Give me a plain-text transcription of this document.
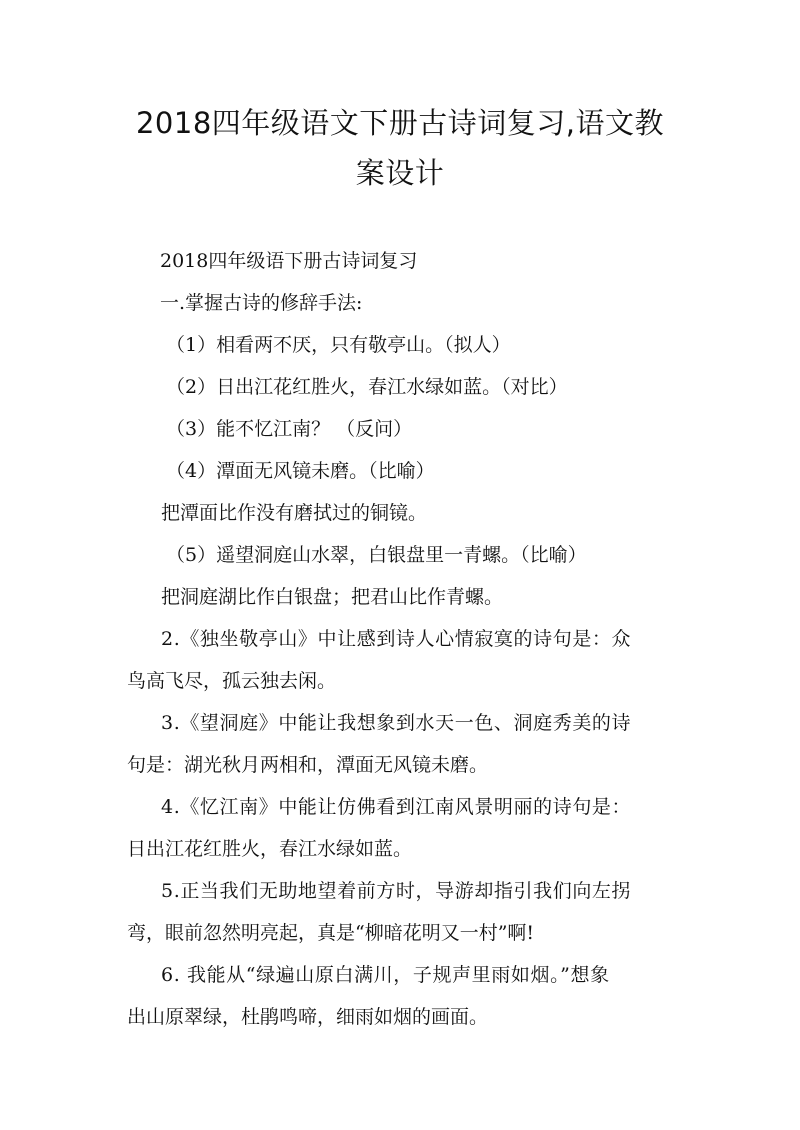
2018四年级语文下册古诗词复习,语文教
案设计
2018四年级语下册古诗词复习
一.掌握古诗的修辞手法:
（1）相看两不厌，只有敬亭山。（拟人）
（2）日出江花红胜火，春江水绿如蓝。（对比）
（3）能不忆江南？ （反问）
（4）潭面无风镜未磨。（比喻）
把潭面比作没有磨拭过的铜镜。
（5）遥望洞庭山水翠，白银盘里一青螺。（比喻）
把洞庭湖比作白银盘；把君山比作青螺。
2.《独坐敬亭山》中让感到诗人心情寂寞的诗句是：众
鸟高飞尽，孤云独去闲。
3.《望洞庭》中能让我想象到水天一色、洞庭秀美的诗
句是：湖光秋月两相和，潭面无风镜未磨。
4.《忆江南》中能让仿佛看到江南风景明丽的诗句是：
日出江花红胜火，春江水绿如蓝。
5.正当我们无助地望着前方时，导游却指引我们向左拐
弯，眼前忽然明亮起，真是“柳暗花明又一村”啊!
6. 我能从“绿遍山原白满川，子规声里雨如烟。”想象
出山原翠绿，杜鹃鸣啼，细雨如烟的画面。
